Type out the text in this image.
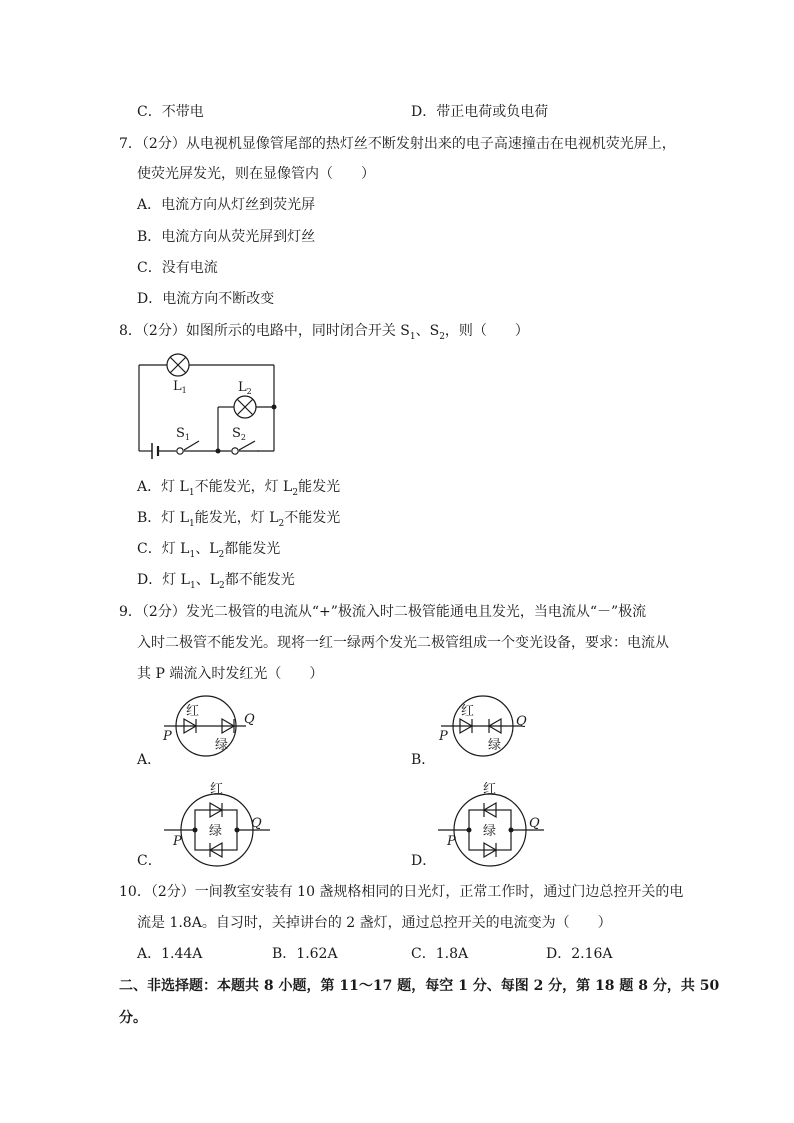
C．不带电	D．带正电荷或负电荷
7．（2分）从电视机显像管尾部的热灯丝不断发射出来的电子高速撞击在电视机荧光屏上，
使荧光屏发光，则在显像管内（　　）
A．电流方向从灯丝到荧光屏
B．电流方向从荧光屏到灯丝
C．没有电流
D．电流方向不断改变
8．（2分）如图所示的电路中，同时闭合开关 $S_1$、$S_2$，则（　　）
$L_1$	$L_2$
$S_1$	$S_2$
A．灯 $L_1$不能发光，灯 $L_2$能发光
B．灯 $L_1$能发光，灯 $L_2$不能发光
C．灯 $L_1$、$L_2$都能发光
D．灯 $L_1$、$L_2$都不能发光
9．（2分）发光二极管的电流从“+”极流入时二极管能通电且发光，当电流从“－”极流
入时二极管不能发光。现将一红一绿两个发光二极管组成一个变光设备，要求：电流从
其 P 端流入时发红光（　　）
红
绿
P
Q
红
绿
P
Q
红
绿
P
Q
红
绿
P
Q
A．	B．
C．	D．
10．（2分）一间教室安装有 10 盏规格相同的日光灯，正常工作时，通过门边总控开关的电
流是 1.8A。自习时，关掉讲台的 2 盏灯，通过总控开关的电流变为（　　）
A．1.44A	B．1.62A	C．1.8A	D．2.16A
二、非选择题：本题共 8 小题，第 11～17 题，每空 1 分、每图 2 分，第 18 题 8 分，共 50
分。
